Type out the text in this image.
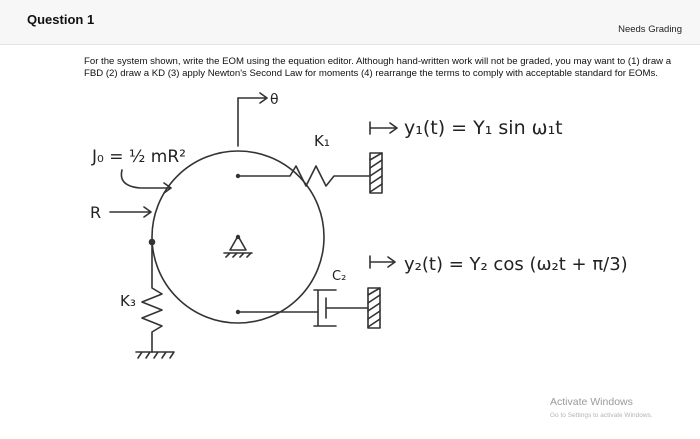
Question 1
Needs Grading
For the system shown, write the EOM using the equation editor. Although hand-written work will not be graded, you may want to (1) draw a FBD (2) draw a KD (3) apply Newton's Second Law for moments (4) rearrange the terms to comply with acceptable standard for EOMs.
J₀ = ½ mR²
θ
R
K₁
K₃
C₂
y₁(t) = Y₁ sin ω₁t
y₂(t) = Y₂ cos (ω₂t + π/3)
Activate Windows
Go to Settings to activate Windows.
